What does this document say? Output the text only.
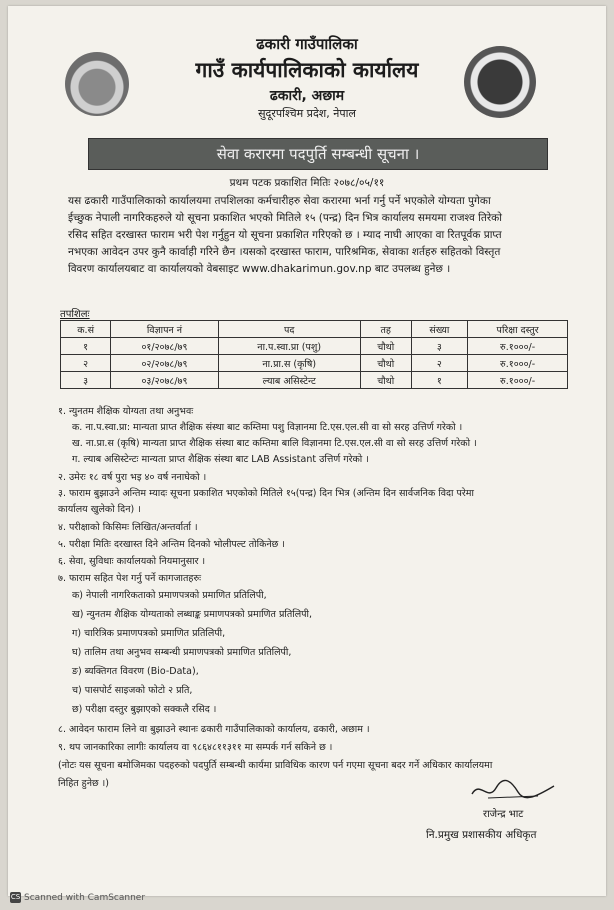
ढकारी गाउँपालिका
गाउँ कार्यपालिकाको कार्यालय
ढकारी, अछाम
सुदूरपश्चिम प्रदेश, नेपाल
सेवा करारमा पदपुर्ति सम्बन्धी सूचना ।
प्रथम पटक प्रकाशित मितिः २०७८/०५/११
यस ढकारी गाउँपालिकाको कार्यालयमा तपशिलका कर्मचारीहरु सेवा करारमा भर्ना गर्नु पर्ने भएकोले योग्यता पुगेका
ईच्छुक नेपाली नागरिकहरुले यो सूचना प्रकाशित भएको मितिले १५ (पन्द्र) दिन भित्र कार्यालय समयमा राजश्व तिरेको
रसिद सहित दरखास्त फाराम भरी पेश गर्नुहुन यो सूचना प्रकाशित गरिएको छ । म्याद नाघी आएका वा रितपूर्वक प्राप्त
नभएका आवेदन उपर कुनै कार्वाही गरिने छैन ।यसको दरखास्त फाराम, पारिश्रमिक, सेवाका शर्तहरु सहितको विस्तृत
विवरण कार्यालयबाट वा कार्यालयको वेबसाइट www.dhakarimun.gov.np बाट उपलब्ध हुनेछ ।
तपशिलः
क.सं	विज्ञापन नं	पद	तह	संख्या	परिक्षा दस्तुर
१	०१/२०७८/७९	ना.प.स्वा.प्रा (पशु)	चौथो	३	रु.१०००/-
२	०२/२०७८/७९	ना.प्रा.स (कृषि)	चौथो	२	रु.१०००/-
३	०३/२०७८/७९	ल्याब असिस्टेन्ट	चौथो	१	रु.१०००/-
१. न्युनतम शैक्षिक योग्यता तथा अनुभवः
क. ना.प.स्वा.प्रा: मान्यता प्राप्त शैक्षिक संस्था बाट कम्तिमा पशु विज्ञानमा टि.एस.एल.सी वा सो सरह उत्तिर्ण गरेको ।
ख. ना.प्रा.स (कृषि) मान्यता प्राप्त शैक्षिक संस्था बाट कम्तिमा बालि विज्ञानमा टि.एस.एल.सी वा सो सरह उत्तिर्ण गरेको ।
ग. ल्याब असिस्टेन्टः मान्यता प्राप्त शैक्षिक संस्था बाट LAB Assistant उत्तिर्ण गरेको ।
२. उमेरः १८ वर्ष पुरा भइ ४० वर्ष ननाघेको ।
३. फाराम बुझाउने अन्तिम म्यादः सूचना प्रकाशित भएकोको मितिले १५(पन्द्र) दिन भित्र (अन्तिम दिन सार्वजनिक विदा परेमा
कार्यालय खुलेको दिन) ।
४. परीक्षाको किसिमः लिखित/अन्तर्वार्ता ।
५. परीक्षा मितिः दरखास्त दिने अन्तिम दिनको भोलीपल्ट तोकिनेछ ।
६. सेवा, सुविधाः कार्यालयको नियमानुसार ।
७. फाराम सहित पेश गर्नु पर्ने कागजातहरुः
क) नेपाली नागरिकताको प्रमाणपत्रको प्रमाणित प्रतिलिपी,
ख) न्युनतम शैक्षिक योग्यताको लब्धाङ्क प्रमाणपत्रको प्रमाणित प्रतिलिपी,
ग) चारित्रिक प्रमाणपत्रको प्रमाणित प्रतिलिपी,
घ) तालिम तथा अनुभव सम्बन्धी प्रमाणपत्रको प्रमाणित प्रतिलिपी,
ङ) ब्यक्तिगत विवरण (Bio-Data),
च) पासपोर्ट साइजको फोटो २ प्रति,
छ) परीक्षा दस्तुर बुझाएको सक्कलै रसिद ।
८. आवेदन फाराम लिने वा बुझाउने स्थानः ढकारी गाउँपालिकाको कार्यालय, ढकारी, अछाम ।
९. थप जानकारिका लागीः कार्यालय वा ९८६४८११३११ मा सम्पर्क गर्न सकिने छ ।
(नोटः यस सूचना बमोजिमका पदहरुको पदपुर्ति सम्बन्धी कार्यमा प्राविधिक कारण पर्न गएमा सूचना बदर गर्ने अधिकार कार्यालयमा
निहित हुनेछ ।)
राजेन्द्र भाट
नि.प्रमुख प्रशासकीय अधिकृत
CS Scanned with CamScanner
